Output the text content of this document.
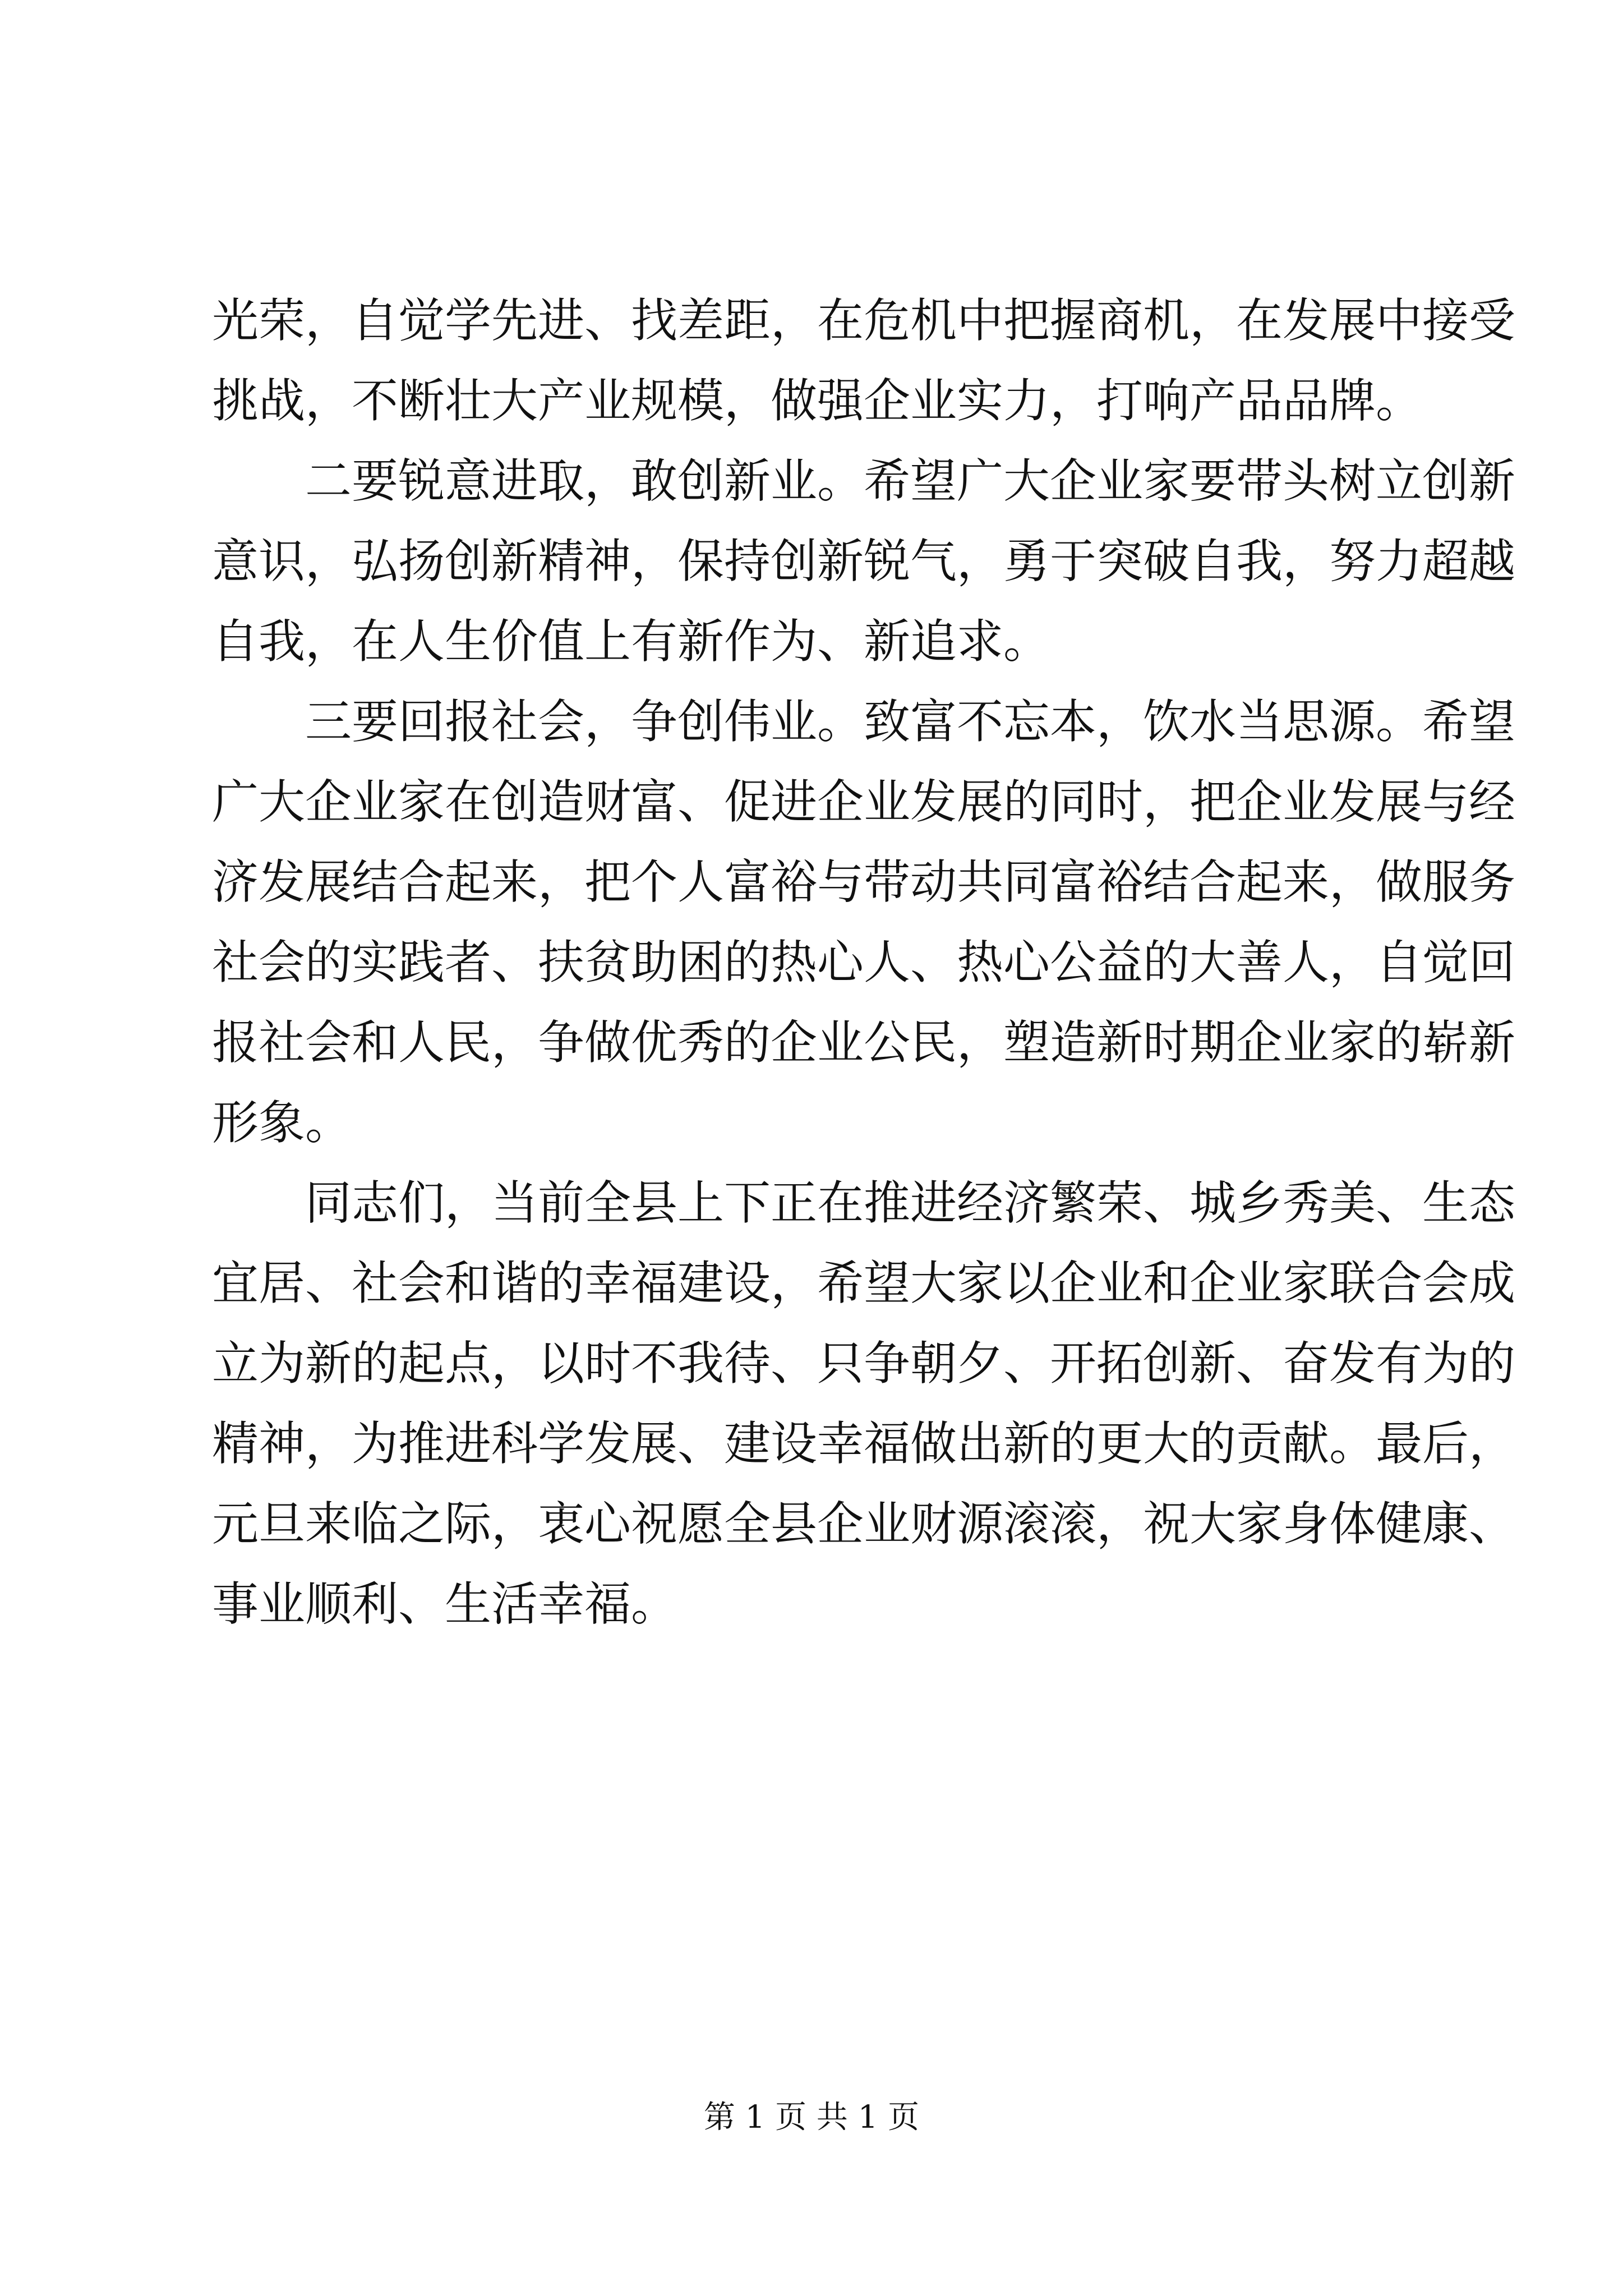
光荣，自觉学先进、找差距，在危机中把握商机，在发展中接受
挑战，不断壮大产业规模，做强企业实力，打响产品品牌。
二要锐意进取，敢创新业。希望广大企业家要带头树立创新
意识，弘扬创新精神，保持创新锐气，勇于突破自我，努力超越
自我，在人生价值上有新作为、新追求。
三要回报社会，争创伟业。致富不忘本，饮水当思源。希望
广大企业家在创造财富、促进企业发展的同时，把企业发展与经
济发展结合起来，把个人富裕与带动共同富裕结合起来，做服务
社会的实践者、扶贫助困的热心人、热心公益的大善人，自觉回
报社会和人民，争做优秀的企业公民，塑造新时期企业家的崭新
形象。
同志们，当前全县上下正在推进经济繁荣、城乡秀美、生态
宜居、社会和谐的幸福建设，希望大家以企业和企业家联合会成
立为新的起点，以时不我待、只争朝夕、开拓创新、奋发有为的
精神，为推进科学发展、建设幸福做出新的更大的贡献。最后，
元旦来临之际，衷心祝愿全县企业财源滚滚，祝大家身体健康、
事业顺利、生活幸福。
第 1 页 共 1 页
